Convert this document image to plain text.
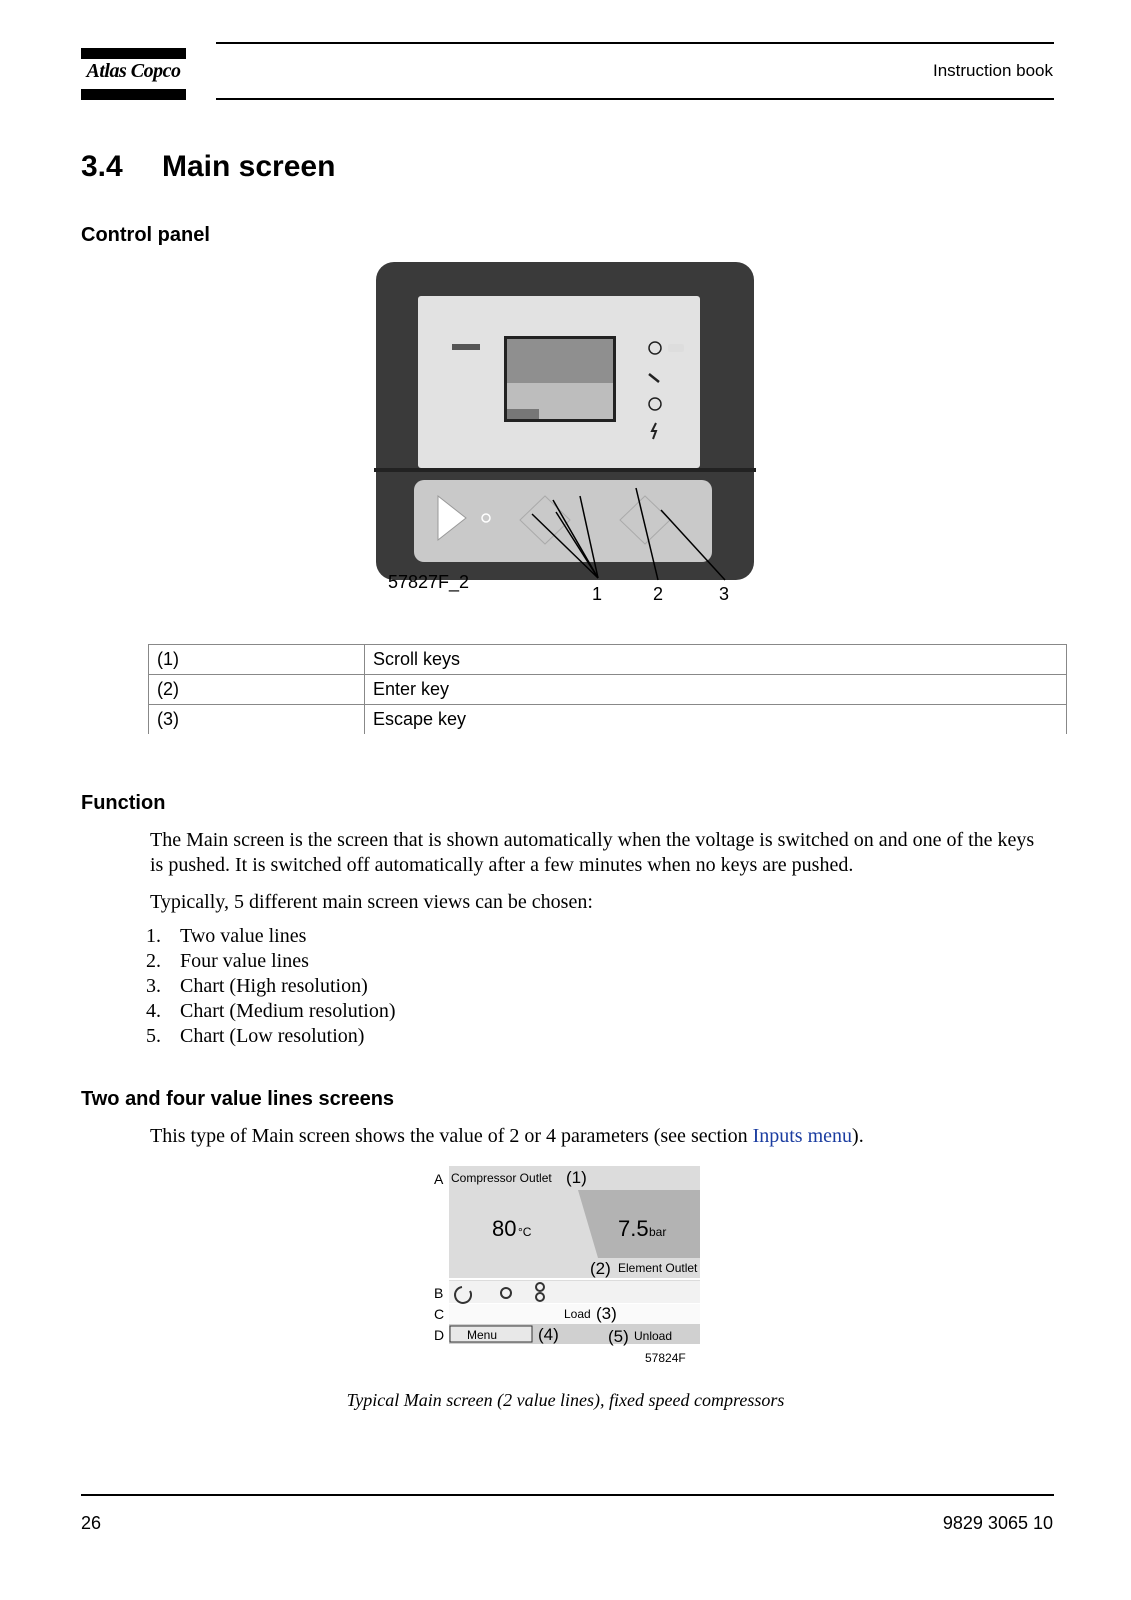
Atlas Copco	Instruction book
3.4 Main screen
Control panel
57827F_2
1	2	3
(1)	Scroll keys
(2)	Enter key
(3)	Escape key
Function
The Main screen is the screen that is shown automatically when the voltage is switched on and one of the keys is pushed. It is switched off automatically after a few minutes when no keys are pushed.
Typically, 5 different main screen views can be chosen:
1. Two value lines
2. Four value lines
3. Chart (High resolution)
4. Chart (Medium resolution)
5. Chart (Low resolution)
Two and four value lines screens
This type of Main screen shows the value of 2 or 4 parameters (see section Inputs menu).
A
B
C
D
Compressor Outlet (1)
80 °C	7.5 bar
(2) Element Outlet
Load (3)
Menu (4)	(5) Unload
57824F
Typical Main screen (2 value lines), fixed speed compressors
26	9829 3065 10
